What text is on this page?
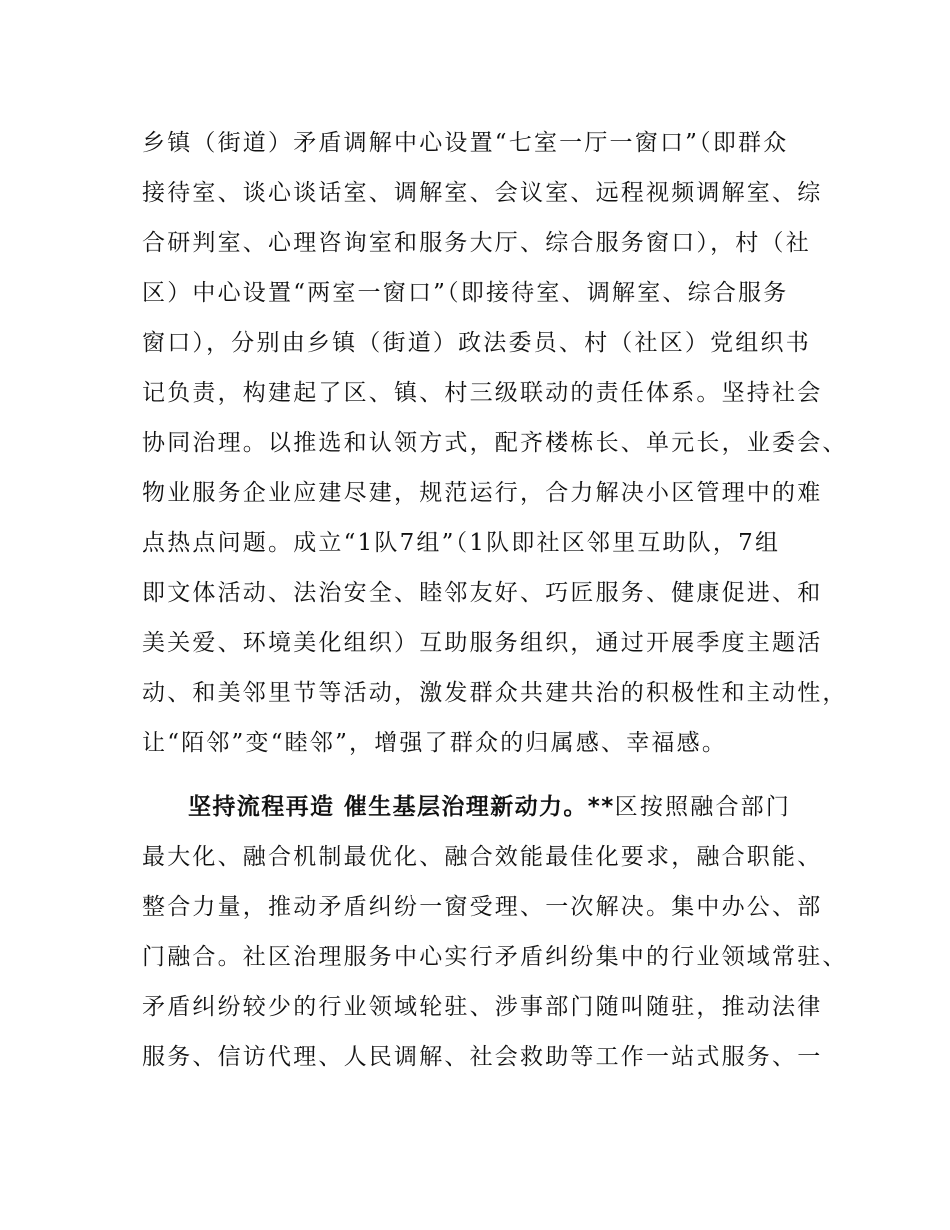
乡镇（街道）矛盾调解中心设置“七室一厅一窗口”（即群众
接待室、谈心谈话室、调解室、会议室、远程视频调解室、综
合研判室、心理咨询室和服务大厅、综合服务窗口），村（社
区）中心设置“两室一窗口”（即接待室、调解室、综合服务
窗口），分别由乡镇（街道）政法委员、村（社区）党组织书
记负责，构建起了区、镇、村三级联动的责任体系。坚持社会
协同治理。以推选和认领方式，配齐楼栋长、单元长，业委会、
物业服务企业应建尽建，规范运行，合力解决小区管理中的难
点热点问题。成立“1队7组”（1队即社区邻里互助队，7组
即文体活动、法治安全、睦邻友好、巧匠服务、健康促进、和
美关爱、环境美化组织）互助服务组织，通过开展季度主题活
动、和美邻里节等活动，激发群众共建共治的积极性和主动性，
让“陌邻”变“睦邻”，增强了群众的归属感、幸福感。
坚持流程再造 催生基层治理新动力。**区按照融合部门
最大化、融合机制最优化、融合效能最佳化要求，融合职能、
整合力量，推动矛盾纠纷一窗受理、一次解决。集中办公、部
门融合。社区治理服务中心实行矛盾纠纷集中的行业领域常驻、
矛盾纠纷较少的行业领域轮驻、涉事部门随叫随驻，推动法律
服务、信访代理、人民调解、社会救助等工作一站式服务、一
